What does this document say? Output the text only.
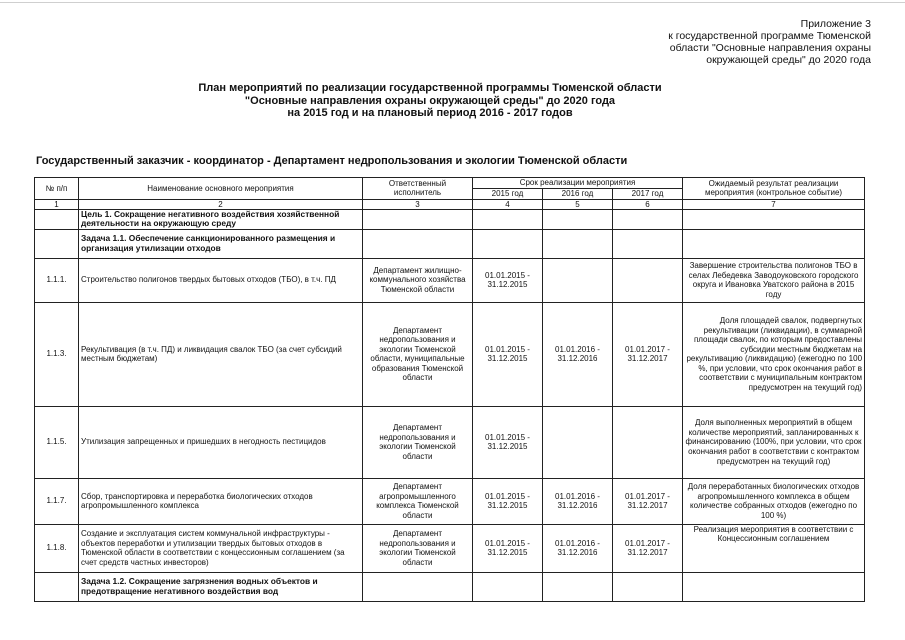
Приложение 3
к государственной программе Тюменской
области "Основные направления охраны
окружающей среды" до 2020 года
План мероприятий по реализации государственной программы Тюменской области
"Основные направления охраны окружающей среды" до 2020 года
на 2015 год и на плановый период 2016 - 2017 годов
Государственный заказчик - координатор - Департамент недропользования и экологии Тюменской области
№ п/п	Наименование основного мероприятия	Ответственный исполнитель	Срок реализации мероприятия			Ожидаемый результат реализации мероприятия (контрольное событие)
			2015 год	2016 год	2017 год	
1	2	3	4	5	6	7
	Цель 1. Сокращение негативного воздействия хозяйственной деятельности на окружающую среду					
	Задача 1.1. Обеспечение санкционированного размещения и организация утилизации отходов					
1.1.1.	Строительство полигонов твердых бытовых отходов (ТБО), в т.ч. ПД	Департамент жилищно-коммунального хозяйства Тюменской области	01.01.2015 - 31.12.2015			Завершение строительства полигонов ТБО в селах Лебедевка Заводоуковского городского округа и Ивановка Уватского района в 2015 году
1.1.3.	Рекультивация (в т.ч. ПД) и ликвидация свалок ТБО (за счет субсидий местным бюджетам)	Департамент недропользования и экологии Тюменской области, муниципальные образования Тюменской области	01.01.2015 - 31.12.2015	01.01.2016 - 31.12.2016	01.01.2017 - 31.12.2017	Доля площадей свалок, подвергнутых рекультивации (ликвидации), в суммарной площади свалок, по которым предоставлены субсидии местным бюджетам на рекультивацию (ликвидацию) (ежегодно по 100 %, при условии, что срок окончания работ в соответствии с муниципальным контрактом предусмотрен на текущий год)
1.1.5.	Утилизация запрещенных и пришедших в негодность пестицидов	Департамент недропользования и экологии Тюменской области	01.01.2015 - 31.12.2015			Доля выполненных мероприятий в общем количестве мероприятий, запланированных к финансированию (100%, при условии, что срок окончания работ в соответствии с контрактом предусмотрен на текущий год)
1.1.7.	Сбор, транспортировка и переработка биологических отходов агропромышленного комплекса	Департамент агропромышленного комплекса Тюменской области	01.01.2015 - 31.12.2015	01.01.2016 - 31.12.2016	01.01.2017 - 31.12.2017	Доля переработанных биологических отходов агропромышленного комплекса в общем количестве собранных отходов (ежегодно по 100 %)
1.1.8.	Создание и эксплуатация систем коммунальной инфраструктуры - объектов переработки и утилизации твердых бытовых отходов в Тюменской области в соответствии с концессионным соглашением (за счет средств частных инвесторов)	Департамент недропользования и экологии Тюменской области	01.01.2015 - 31.12.2015	01.01.2016 - 31.12.2016	01.01.2017 - 31.12.2017	Реализация мероприятия в соответствии с Концессионным соглашением
	Задача 1.2. Сокращение загрязнения водных объектов и предотвращение негативного воздействия вод					
